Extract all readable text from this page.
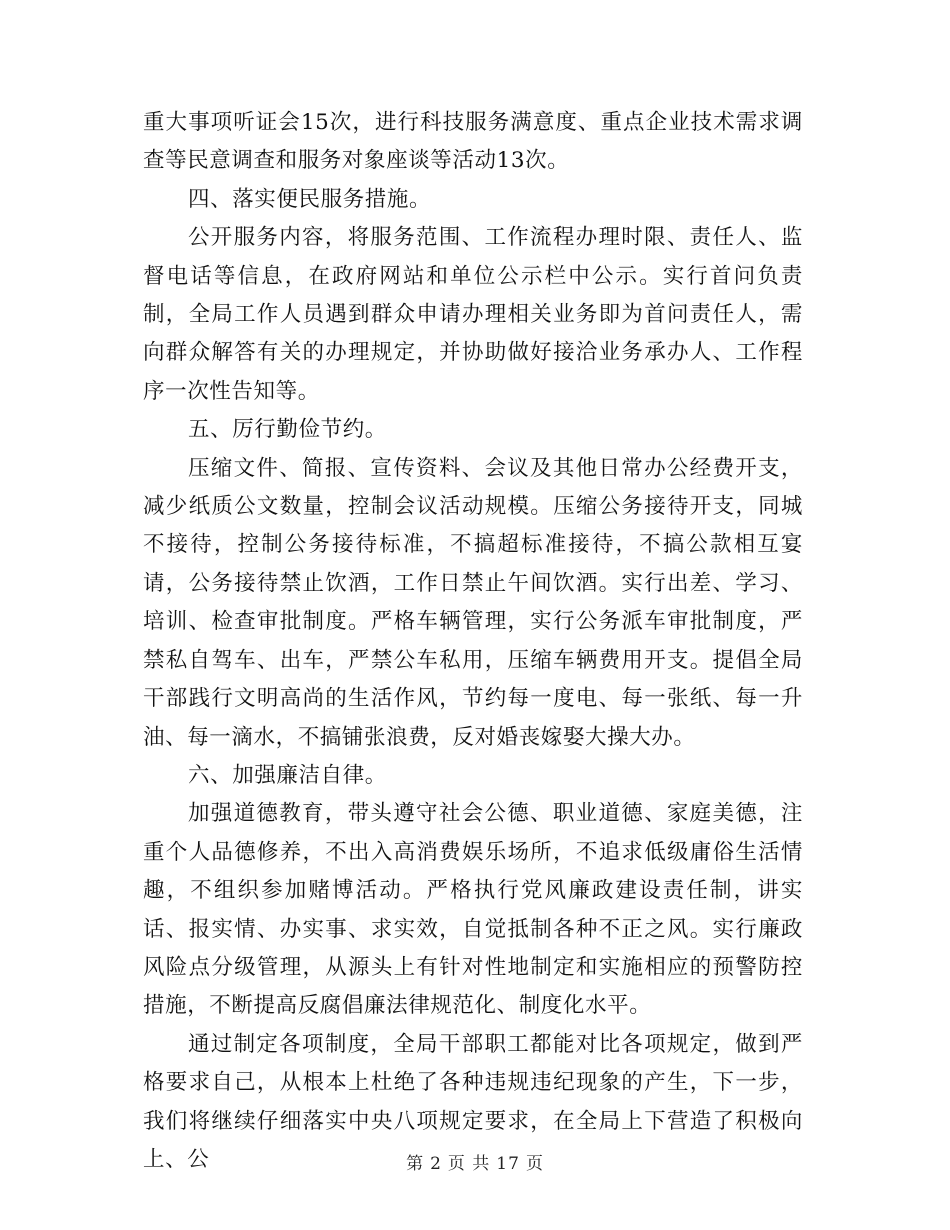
重大事项听证会15次，进行科技服务满意度、重点企业技术需求调查等民意调查和服务对象座谈等活动13次。

四、落实便民服务措施。

公开服务内容，将服务范围、工作流程办理时限、责任人、监督电话等信息，在政府网站和单位公示栏中公示。实行首问负责制，全局工作人员遇到群众申请办理相关业务即为首问责任人，需向群众解答有关的办理规定，并协助做好接洽业务承办人、工作程序一次性告知等。

五、厉行勤俭节约。

压缩文件、简报、宣传资料、会议及其他日常办公经费开支，减少纸质公文数量，控制会议活动规模。压缩公务接待开支，同城不接待，控制公务接待标准，不搞超标准接待，不搞公款相互宴请，公务接待禁止饮酒，工作日禁止午间饮酒。实行出差、学习、培训、检查审批制度。严格车辆管理，实行公务派车审批制度，严禁私自驾车、出车，严禁公车私用，压缩车辆费用开支。提倡全局干部践行文明高尚的生活作风，节约每一度电、每一张纸、每一升油、每一滴水，不搞铺张浪费，反对婚丧嫁娶大操大办。

六、加强廉洁自律。

加强道德教育，带头遵守社会公德、职业道德、家庭美德，注重个人品德修养，不出入高消费娱乐场所，不追求低级庸俗生活情趣，不组织参加赌博活动。严格执行党风廉政建设责任制，讲实话、报实情、办实事、求实效，自觉抵制各种不正之风。实行廉政风险点分级管理，从源头上有针对性地制定和实施相应的预警防控措施，不断提高反腐倡廉法律规范化、制度化水平。

通过制定各项制度，全局干部职工都能对比各项规定，做到严格要求自己，从根本上杜绝了各种违规违纪现象的产生，下一步，我们将继续仔细落实中央八项规定要求，在全局上下营造了积极向上、公	第 2 页 共 17 页
